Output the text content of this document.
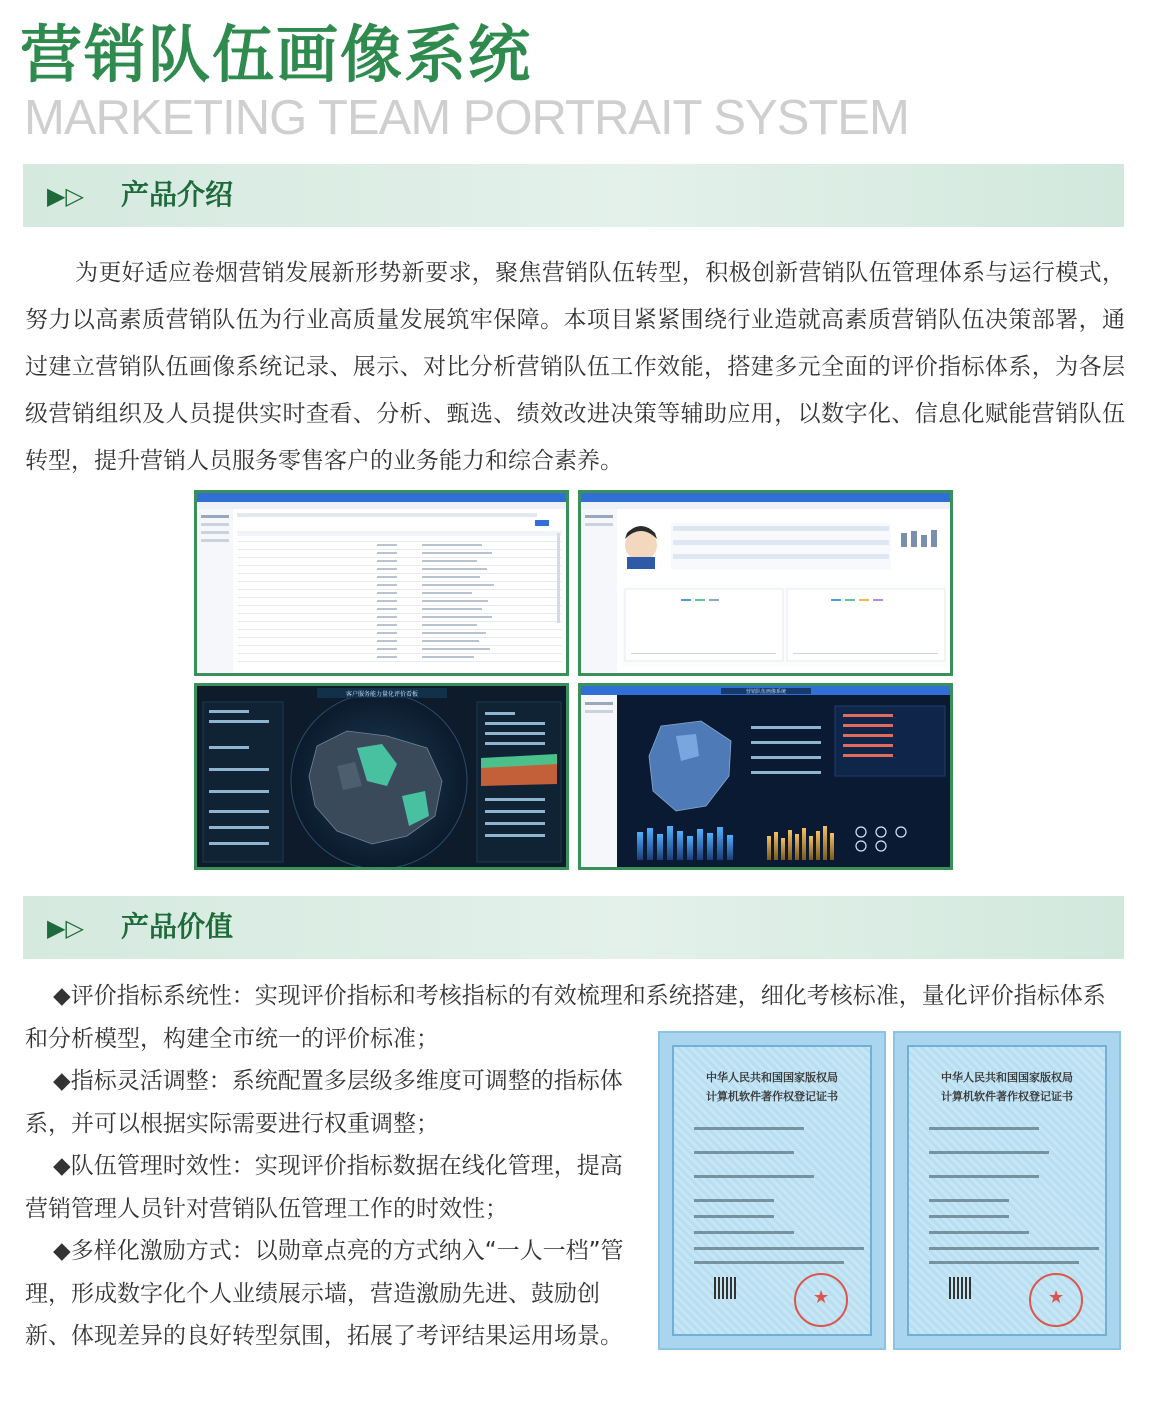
营销队伍画像系统
MARKETING TEAM PORTRAIT SYSTEM
▶▷ 产品介绍
为更好适应卷烟营销发展新形势新要求，聚焦营销队伍转型，积极创新营销队伍管理体系与运行模式，努力以高素质营销队伍为行业高质量发展筑牢保障。本项目紧紧围绕行业造就高素质营销队伍决策部署，通过建立营销队伍画像系统记录、展示、对比分析营销队伍工作效能，搭建多元全面的评价指标体系，为各层级营销组织及人员提供实时查看、分析、甄选、绩效改进决策等辅助应用，以数字化、信息化赋能营销队伍转型，提升营销人员服务零售客户的业务能力和综合素养。
客户服务能力量化评价看板	营销队伍画像系统
▶▷ 产品价值

◆评价指标系统性：实现评价指标和考核指标的有效梳理和系统搭建，细化考核标准，量化评价指标体系和分析模型，构建全市统一的评价标准；

◆指标灵活调整：系统配置多层级多维度可调整的指标体系，并可以根据实际需要进行权重调整；

◆队伍管理时效性：实现评价指标数据在线化管理，提高营销管理人员针对营销队伍管理工作的时效性；

◆多样化激励方式：以勋章点亮的方式纳入“一人一档”管理，形成数字化个人业绩展示墙，营造激励先进、鼓励创新、体现差异的良好转型氛围，拓展了考评结果运用场景。

中华人民共和国国家版权局
计算机软件著作权登记证书
★
中华人民共和国国家版权局
计算机软件著作权登记证书
★
